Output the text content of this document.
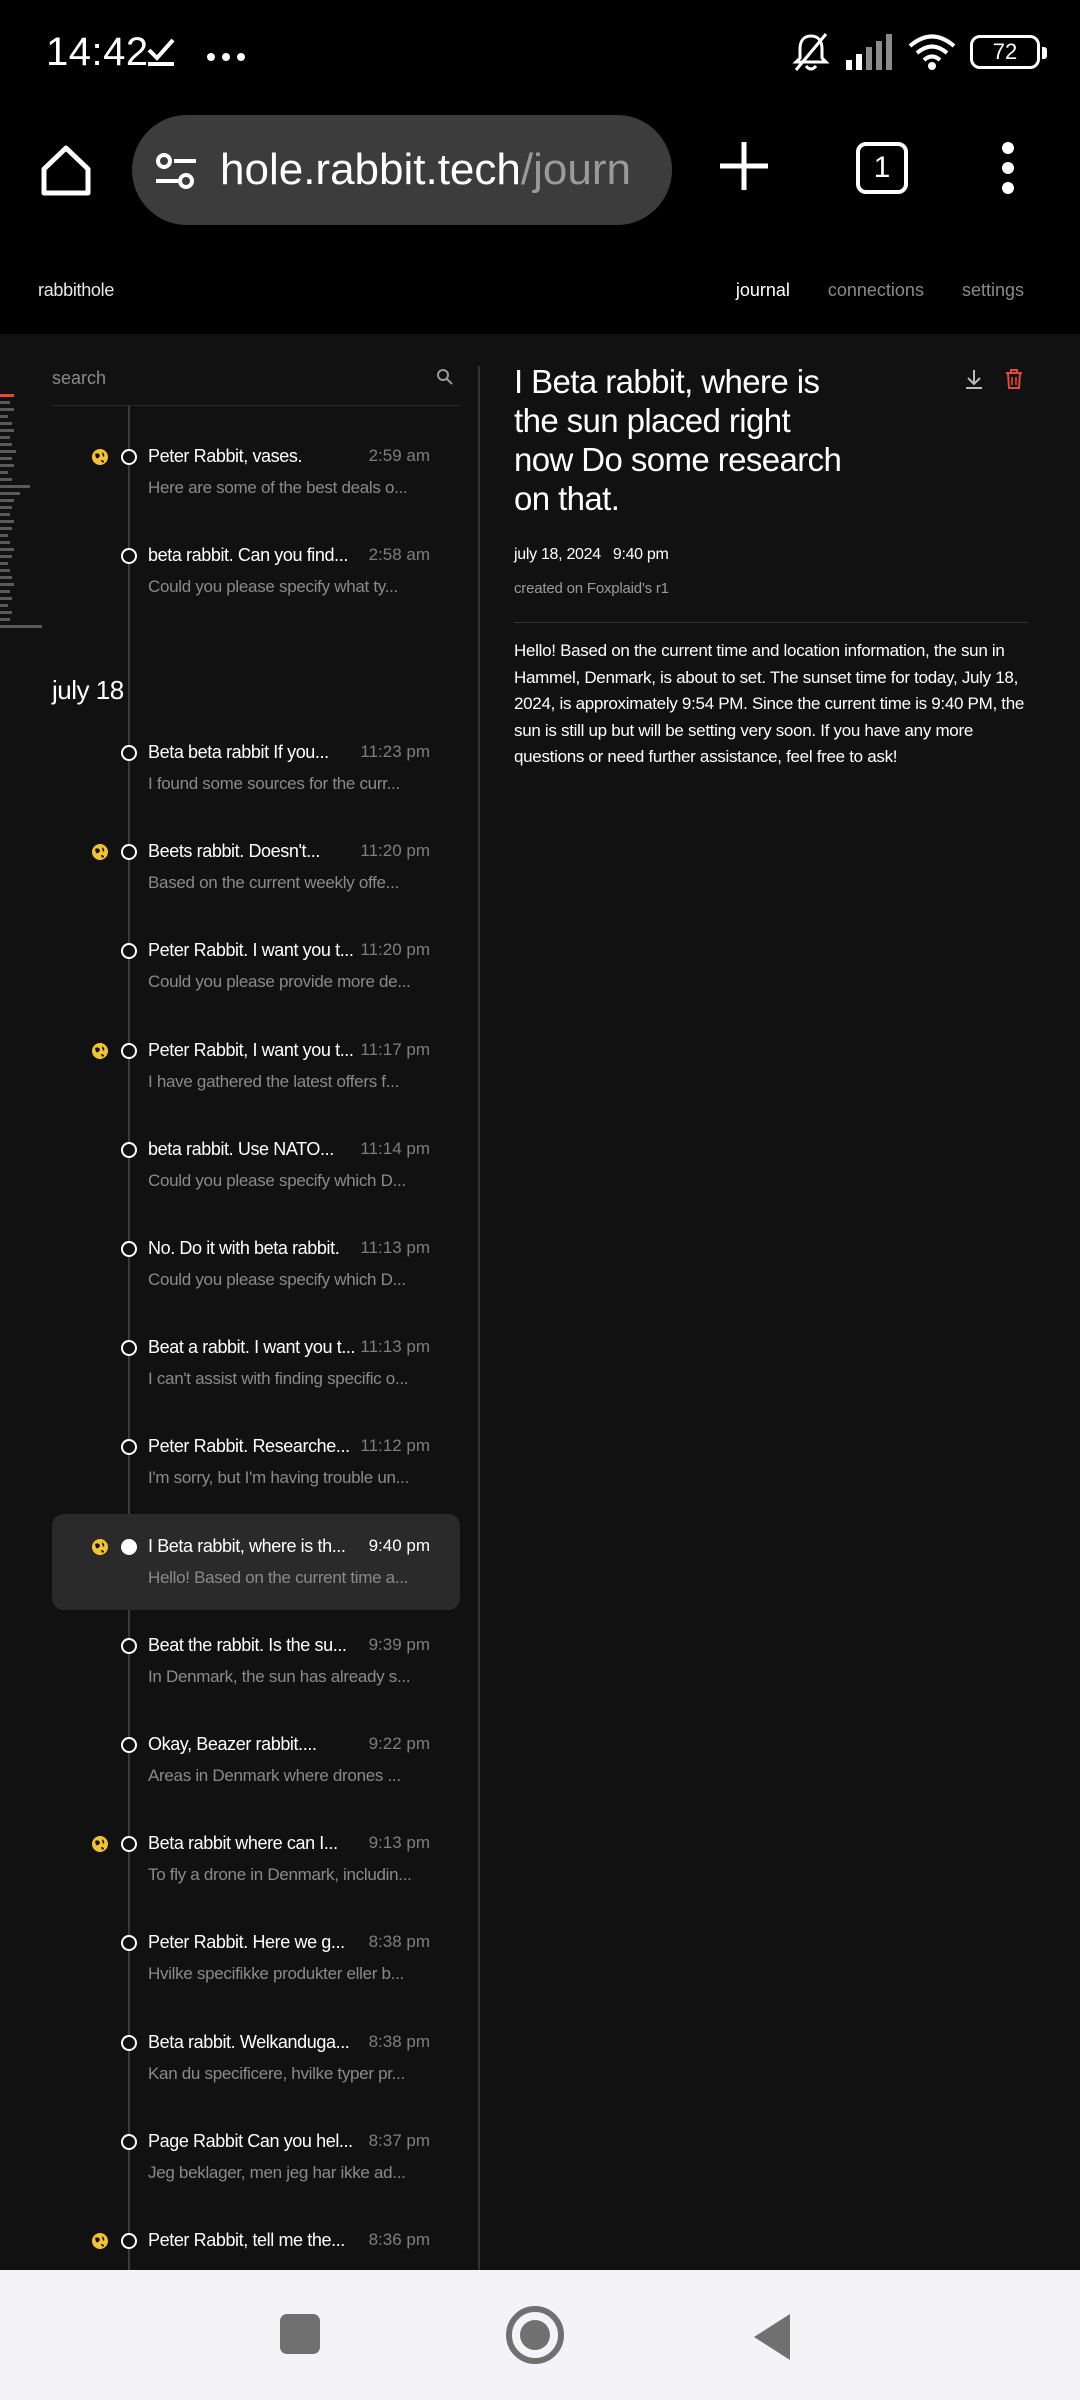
14:42	72
hole.rabbit.tech/journ	1
rabbithole	journal connections settings
search
july 18
Peter Rabbit, vases.	2:59 am
Here are some of the best deals o...
beta rabbit. Can you find...	2:58 am
Could you please specify what ty...
Beta beta rabbit If you...	11:23 pm
I found some sources for the curr...
Beets rabbit. Doesn't...	11:20 pm
Based on the current weekly offe...
Peter Rabbit. I want you t... 11:20 pm
Could you please provide more de...
Peter Rabbit, I want you t... 11:17 pm
I have gathered the latest offers f...
beta rabbit. Use NATO...	11:14 pm
Could you please specify which D...
No. Do it with beta rabbit.	11:13 pm
Could you please specify which D...
Beat a rabbit. I want you t... 11:13 pm
I can't assist with finding specific o...
Peter Rabbit. Researche... 11:12 pm
I'm sorry, but I'm having trouble un...
I Beta rabbit, where is th...	9:40 pm
Hello! Based on the current time a...
Beat the rabbit. Is the su...	9:39 pm
In Denmark, the sun has already s...
Okay, Beazer rabbit....	9:22 pm
Areas in Denmark where drones ...
Beta rabbit where can I...	9:13 pm
To fly a drone in Denmark, includin...
Peter Rabbit. Here we g...	8:38 pm
Hvilke specifikke produkter eller b...
Beta rabbit. Welkanduga...	8:38 pm
Kan du specificere, hvilke typer pr...
Page Rabbit Can you hel... 8:37 pm
Jeg beklager, men jeg har ikke ad...
Peter Rabbit, tell me the...	8:36 pm
I Beta rabbit, where is the sun placed right now Do some research on that.
july 18, 2024 9:40 pm
created on Foxplaid's r1
Hello! Based on the current time and location information, the sun in Hammel, Denmark, is about to set. The sunset time for today, July 18, 2024, is approximately 9:54 PM. Since the current time is 9:40 PM, the sun is still up but will be setting very soon. If you have any more questions or need further assistance, feel free to ask!
